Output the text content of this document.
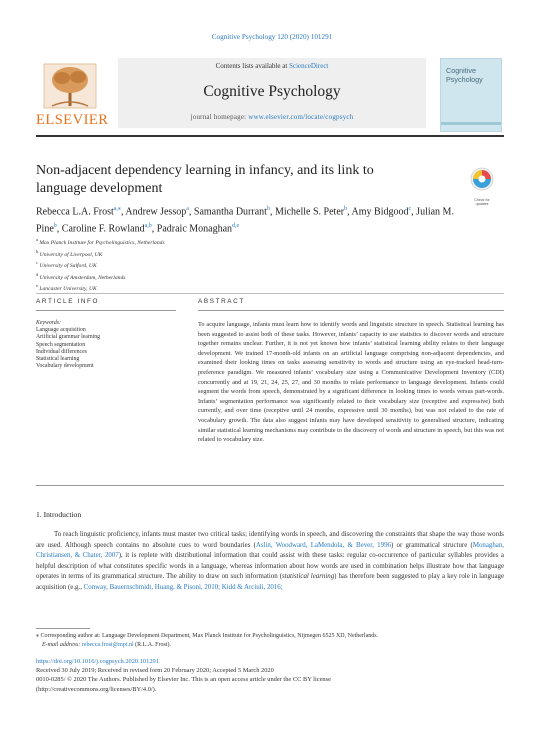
Cognitive Psychology 120 (2020) 101291
ELSEVIER
Contents lists available at ScienceDirect
Cognitive Psychology
journal homepage: www.elsevier.com/locate/cogpsych
Cognitive
Psychology
Non-adjacent dependency learning in infancy, and its link to language development
Check for updates
Rebecca L.A. Frost$^{a,⁎}$, Andrew Jessop$^a$, Samantha Durrant$^b$, Michelle S. Peter$^b$, Amy Bidgood$^c$, Julian M. Pine$^b$, Caroline F. Rowland$^{a,b}$, Padraic Monaghan$^{d,e}$
$^a$ Max Planck Institute for Psycholinguistics, Netherlands
$^b$ University of Liverpool, UK
$^c$ University of Salford, UK
$^d$ University of Amsterdam, Netherlands
$^e$ Lancaster University, UK
ARTICLE INFO
Keywords:
Language acquisition
Artificial grammar learning
Speech segmentation
Individual differences
Statistical learning
Vocabulary development
ABSTRACT
To acquire language, infants must learn how to identify words and linguistic structure in speech. Statistical learning has been suggested to assist both of these tasks. However, infants’ capacity to use statistics to discover words and structure together remains unclear. Further, it is not yet known how infants’ statistical learning ability relates to their language development. We trained 17-month-old infants on an artificial language comprising non-adjacent dependencies, and examined their looking times on tasks assessing sensitivity to words and structure using an eye-tracked head-turn-preference paradigm. We measured infants’ vocabulary size using a Communicative Development Inventory (CDI) concurrently and at 19, 21, 24, 25, 27, and 30 months to relate performance to language development. Infants could segment the words from speech, demonstrated by a significant difference in looking times to words versus part-words. Infants’ segmentation performance was significantly related to their vocabulary size (receptive and expressive) both currently, and over time (receptive until 24 months, expressive until 30 months), but was not related to the rate of vocabulary growth. The data also suggest infants may have developed sensitivity to generalised structure, indicating similar statistical learning mechanisms may contribute to the discovery of words and structure in speech, but this was not related to vocabulary size.
1. Introduction
To reach linguistic proficiency, infants must master two critical tasks; identifying words in speech, and discovering the constraints that shape the way those words are used. Although speech contains no absolute cues to word boundaries (Aslin, Woodward, LaMendola, & Bever, 1996) or grammatical structure (Monaghan, Christiansen, & Chater, 2007), it is replete with distributional information that could assist with these tasks: regular co-occurrence of particular syllables provides a helpful description of what constitutes specific words in a language, whereas information about how words are used in combination helps illustrate how that language operates in terms of its grammatical structure. The ability to draw on such information (statistical learning) has therefore been suggested to play a key role in language acquisition (e.g., Conway, Bauernschmidt, Huang, & Pisoni, 2010; Kidd & Arciuli, 2016;
⁎ Corresponding author at: Language Development Department, Max Planck Institute for Psycholinguistics, Nijmegen 6525 XD, Netherlands.
E-mail address: rebecca.frost@mpi.nl (R.L.A. Frost).
https://doi.org/10.1016/j.cogpsych.2020.101291
Received 30 July 2019; Received in revised form 20 February 2020; Accepted 5 March 2020
0010-0285/ © 2020 The Authors. Published by Elsevier Inc. This is an open access article under the CC BY license
(http://creativecommons.org/licenses/BY/4.0/).
